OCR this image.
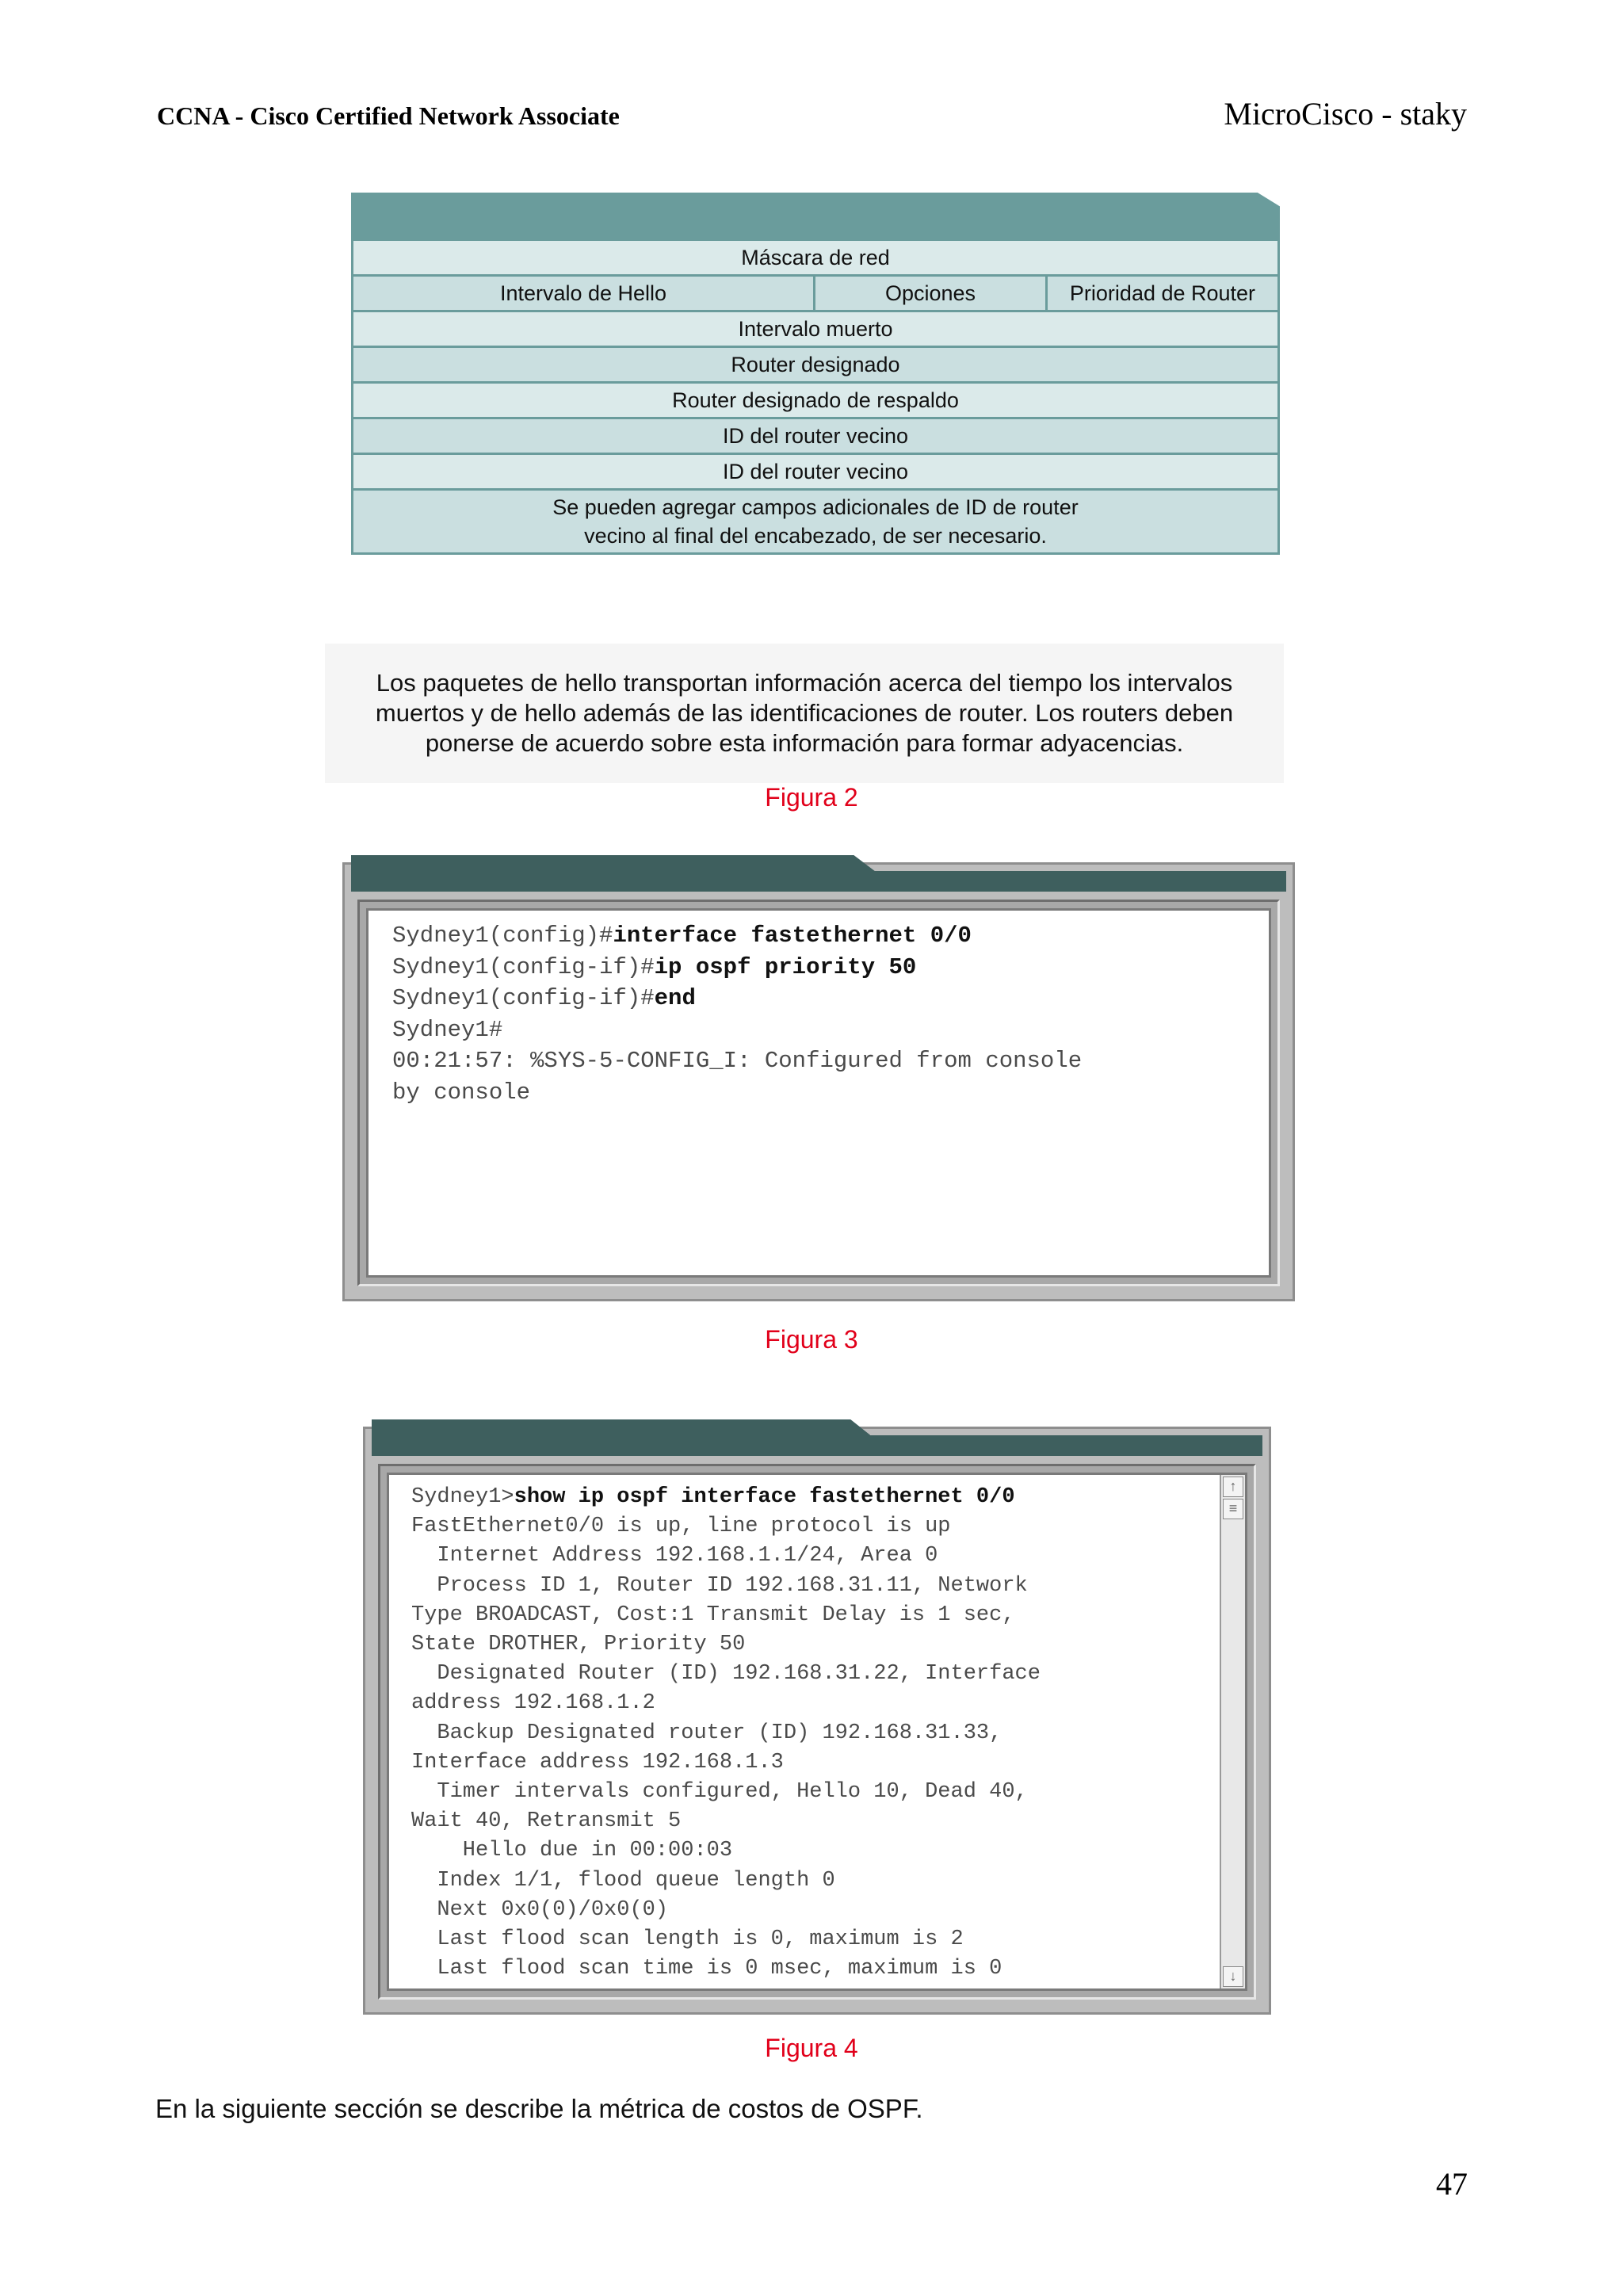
CCNA - Cisco Certified Network Associate	MicroCisco - staky
Máscara de red
Intervalo de Hello	Opciones	Prioridad de Router
Intervalo muerto
Router designado
Router designado de respaldo
ID del router vecino
ID del router vecino
Se pueden agregar campos adicionales de ID de router
vecino al final del encabezado, de ser necesario.
Los paquetes de hello transportan información acerca del tiempo los intervalos
muertos y de hello además de las identificaciones de router. Los routers deben
ponerse de acuerdo sobre esta información para formar adyacencias.
Figura 2
Sydney1(config)#interface fastethernet 0/0
Sydney1(config-if)#ip ospf priority 50
Sydney1(config-if)#end
Sydney1#
00:21:57: %SYS-5-CONFIG_I: Configured from console
by console
Figura 3
Sydney1>show ip ospf interface fastethernet 0/0
FastEthernet0/0 is up, line protocol is up
Internet Address 192.168.1.1/24, Area 0
Process ID 1, Router ID 192.168.31.11, Network
Type BROADCAST, Cost:1 Transmit Delay is 1 sec,
State DROTHER, Priority 50
Designated Router (ID) 192.168.31.22, Interface
address 192.168.1.2
Backup Designated router (ID) 192.168.31.33,
Interface address 192.168.1.3
Timer intervals configured, Hello 10, Dead 40,
Wait 40, Retransmit 5
Hello due in 00:00:03
Index 1/1, flood queue length 0
Next 0x0(0)/0x0(0)
Last flood scan length is 0, maximum is 2
Last flood scan time is 0 msec, maximum is 0
↑
≡
↓
Figura 4
En la siguiente sección se describe la métrica de costos de OSPF.
47
